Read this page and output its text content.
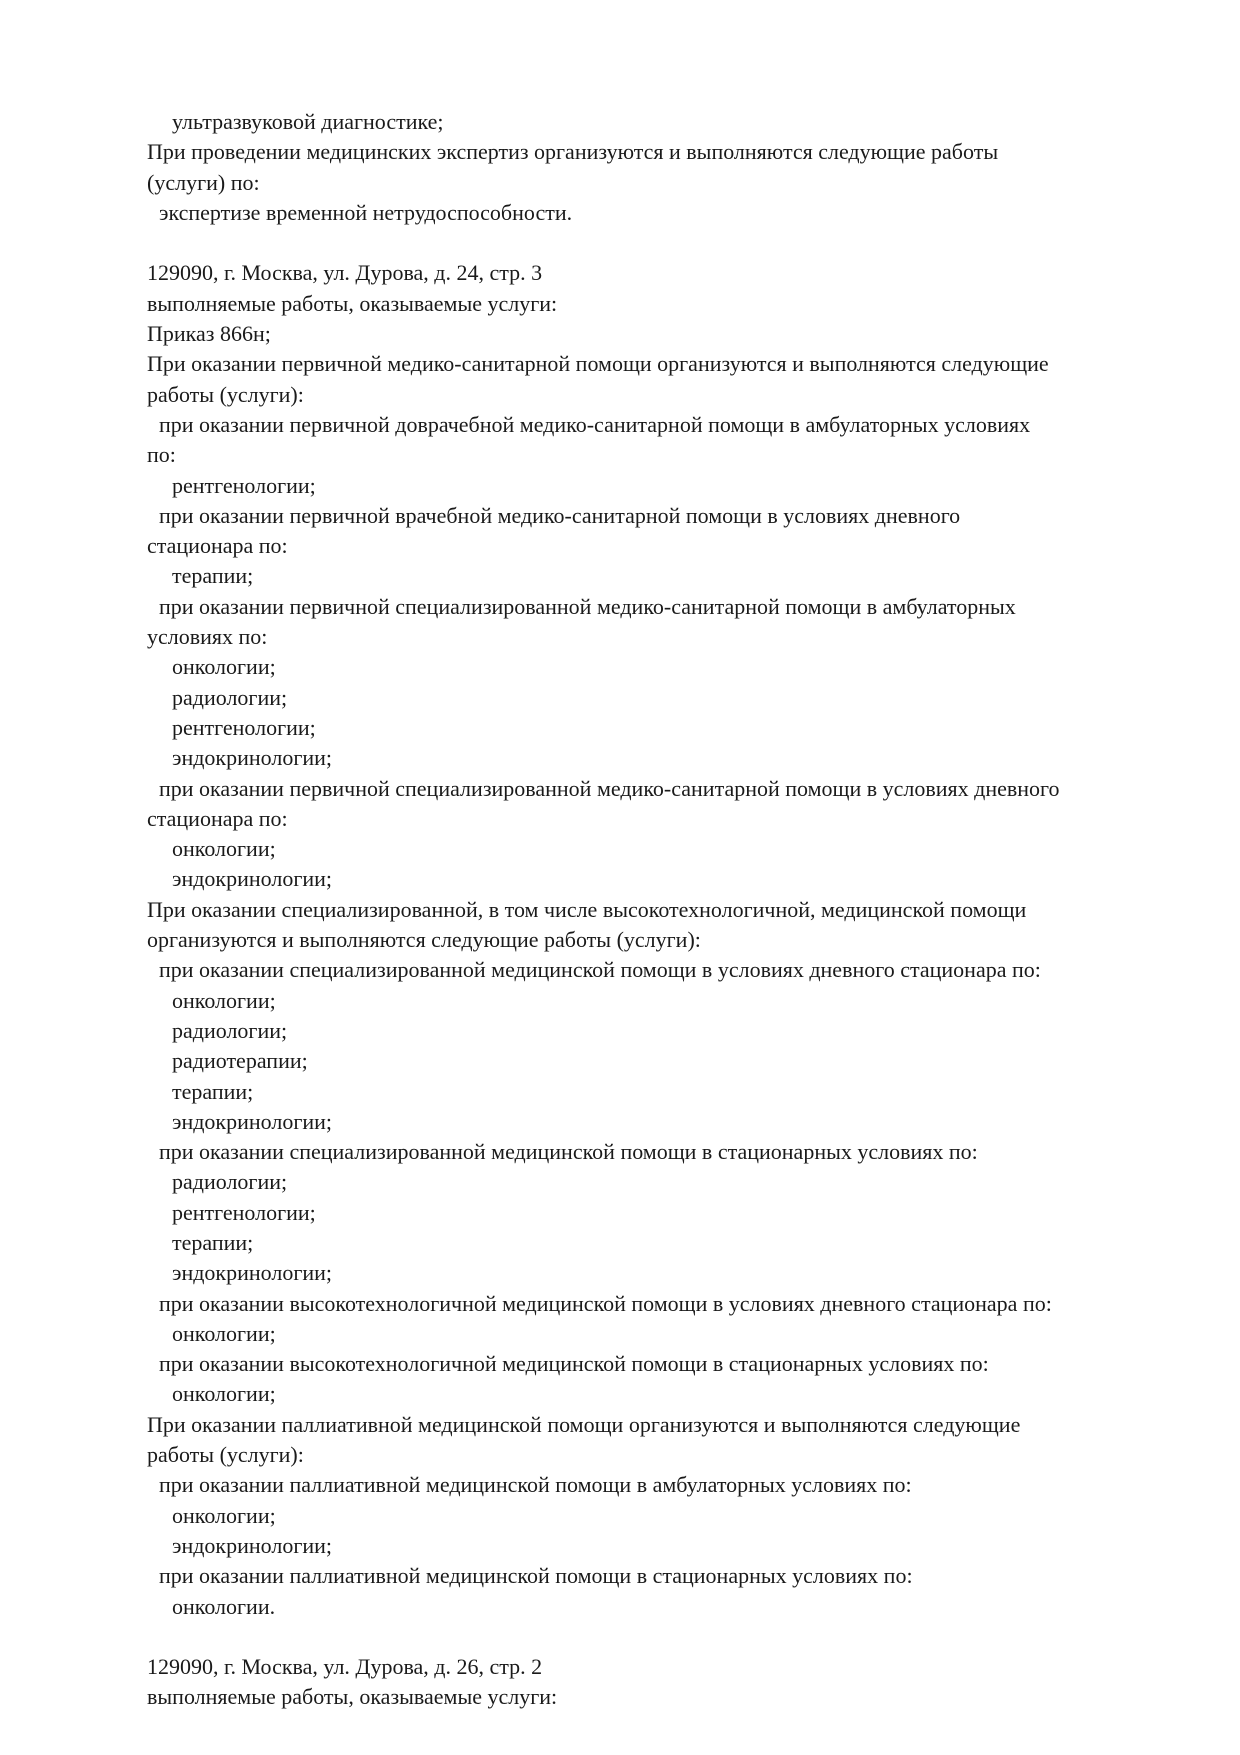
ультразвуковой диагностике;
При проведении медицинских экспертиз организуются и выполняются следующие работы
(услуги) по:
экспертизе временной нетрудоспособности.
129090, г. Москва, ул. Дурова, д. 24, стр. 3
выполняемые работы, оказываемые услуги:
Приказ 866н;
При оказании первичной медико-санитарной помощи организуются и выполняются следующие
работы (услуги):
при оказании первичной доврачебной медико-санитарной помощи в амбулаторных условиях
по:
рентгенологии;
при оказании первичной врачебной медико-санитарной помощи в условиях дневного
стационара по:
терапии;
при оказании первичной специализированной медико-санитарной помощи в амбулаторных
условиях по:
онкологии;
радиологии;
рентгенологии;
эндокринологии;
при оказании первичной специализированной медико-санитарной помощи в условиях дневного
стационара по:
онкологии;
эндокринологии;
При оказании специализированной, в том числе высокотехнологичной, медицинской помощи
организуются и выполняются следующие работы (услуги):
при оказании специализированной медицинской помощи в условиях дневного стационара по:
онкологии;
радиологии;
радиотерапии;
терапии;
эндокринологии;
при оказании специализированной медицинской помощи в стационарных условиях по:
радиологии;
рентгенологии;
терапии;
эндокринологии;
при оказании высокотехнологичной медицинской помощи в условиях дневного стационара по:
онкологии;
при оказании высокотехнологичной медицинской помощи в стационарных условиях по:
онкологии;
При оказании паллиативной медицинской помощи организуются и выполняются следующие
работы (услуги):
при оказании паллиативной медицинской помощи в амбулаторных условиях по:
онкологии;
эндокринологии;
при оказании паллиативной медицинской помощи в стационарных условиях по:
онкологии.
129090, г. Москва, ул. Дурова, д. 26, стр. 2
выполняемые работы, оказываемые услуги:
